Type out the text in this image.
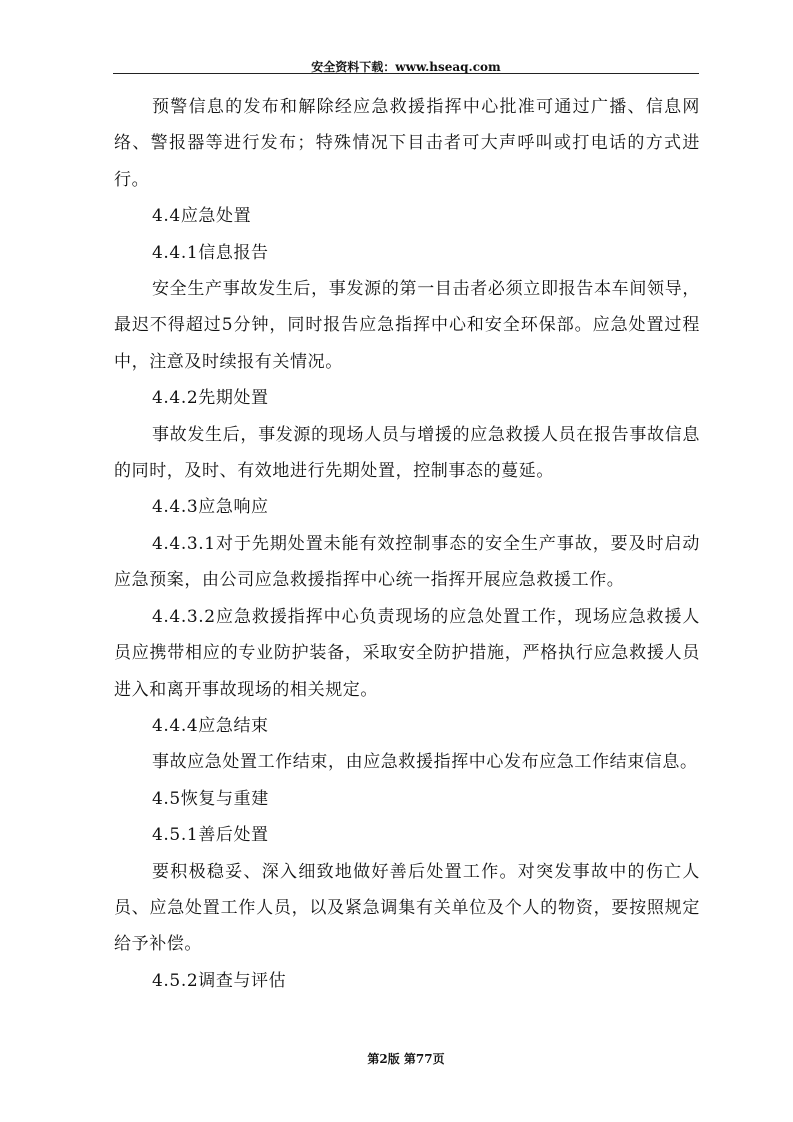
安全资料下载：www.hseaq.com

预警信息的发布和解除经应急救援指挥中心批准可通过广播、信息网络、警报器等进行发布；特殊情况下目击者可大声呼叫或打电话的方式进行。

4.4应急处置

4.4.1信息报告

安全生产事故发生后，事发源的第一目击者必须立即报告本车间领导，最迟不得超过5分钟，同时报告应急指挥中心和安全环保部。应急处置过程中，注意及时续报有关情况。

4.4.2先期处置

事故发生后，事发源的现场人员与增援的应急救援人员在报告事故信息的同时，及时、有效地进行先期处置，控制事态的蔓延。

4.4.3应急响应

4.4.3.1对于先期处置未能有效控制事态的安全生产事故，要及时启动应急预案，由公司应急救援指挥中心统一指挥开展应急救援工作。

4.4.3.2应急救援指挥中心负责现场的应急处置工作，现场应急救援人员应携带相应的专业防护装备，采取安全防护措施，严格执行应急救援人员进入和离开事故现场的相关规定。

4.4.4应急结束

事故应急处置工作结束，由应急救援指挥中心发布应急工作结束信息。

4.5恢复与重建

4.5.1善后处置

要积极稳妥、深入细致地做好善后处置工作。对突发事故中的伤亡人员、应急处置工作人员，以及紧急调集有关单位及个人的物资，要按照规定给予补偿。

4.5.2调查与评估

第2版 第77页
